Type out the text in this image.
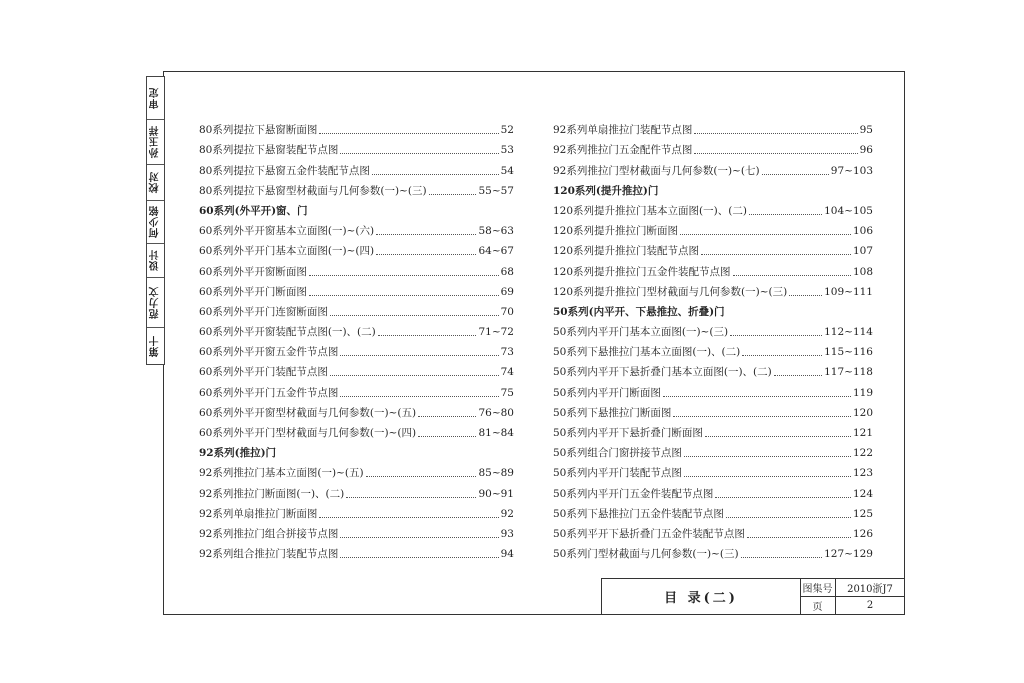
审定
孙玉祥
校对
何少铭
设计
范力文
第十
80系列提拉下悬窗断面图	52
80系列提拉下悬窗装配节点图	53
80系列提拉下悬窗五金件装配节点图	54
80系列提拉下悬窗型材截面与几何参数(一)~(三)	55~57
60系列(外平开)窗、门
60系列外平开窗基本立面图(一)~(六)	58~63
60系列外平开门基本立面图(一)~(四)	64~67
60系列外平开窗断面图	68
60系列外平开门断面图	69
60系列外平开门连窗断面图	70
60系列外平开窗装配节点图(一)、(二)	71~72
60系列外平开窗五金件节点图	73
60系列外平开门装配节点图	74
60系列外平开门五金件节点图	75
60系列外平开窗型材截面与几何参数(一)~(五)	76~80
60系列外平开门型材截面与几何参数(一)~(四)	81~84
92系列(推拉)门
92系列推拉门基本立面图(一)~(五)	85~89
92系列推拉门断面图(一)、(二)	90~91
92系列单扇推拉门断面图	92
92系列推拉门组合拼接节点图	93
92系列组合推拉门装配节点图	94
92系列单扇推拉门装配节点图	95
92系列推拉门五金配件节点图	96
92系列推拉门型材截面与几何参数(一)~(七)	97~103
120系列(提升推拉)门
120系列提升推拉门基本立面图(一)、(二)	104~105
120系列提升推拉门断面图	106
120系列提升推拉门装配节点图	107
120系列提升推拉门五金件装配节点图	108
120系列提升推拉门型材截面与几何参数(一)~(三)	109~111
50系列(内平开、下悬推拉、折叠)门
50系列内平开门基本立面图(一)~(三)	112~114
50系列下悬推拉门基本立面图(一)、(二)	115~116
50系列内平开下悬折叠门基本立面图(一)、(二)	117~118
50系列内平开门断面图	119
50系列下悬推拉门断面图	120
50系列内平开下悬折叠门断面图	121
50系列组合门窗拼接节点图	122
50系列内平开门装配节点图	123
50系列内平开门五金件装配节点图	124
50系列下悬推拉门五金件装配节点图	125
50系列平开下悬折叠门五金件装配节点图	126
50系列门型材截面与几何参数(一)~(三)	127~129
目 录(二)
图集号	2010浙J7
页	2
